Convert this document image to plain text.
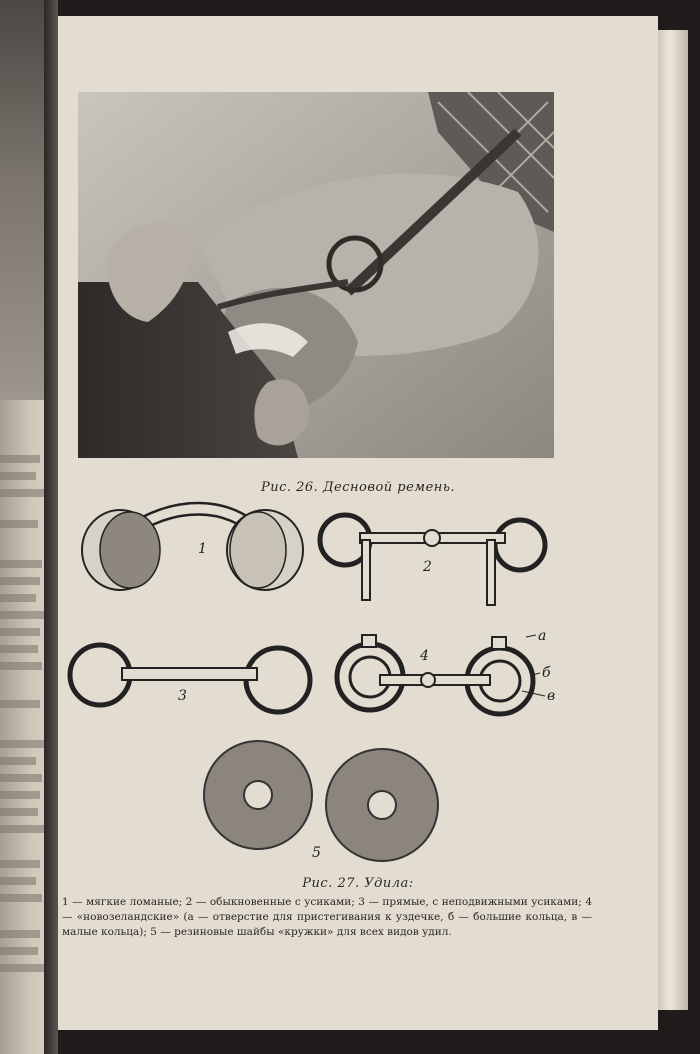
Рис. 26. Десновой ремень.
1
2
3
4
а
б
в
5
Рис. 27. Удила:
1 — мягкие ломаные; 2 — обыкновенные с усиками; 3 — прямые, с неподвижными усиками; 4 — «новозеландские» (а — отверстие для пристегивания к уздечке, б — большие кольца, в — малые кольца); 5 — резиновые шайбы «кружки» для всех видов удил.
